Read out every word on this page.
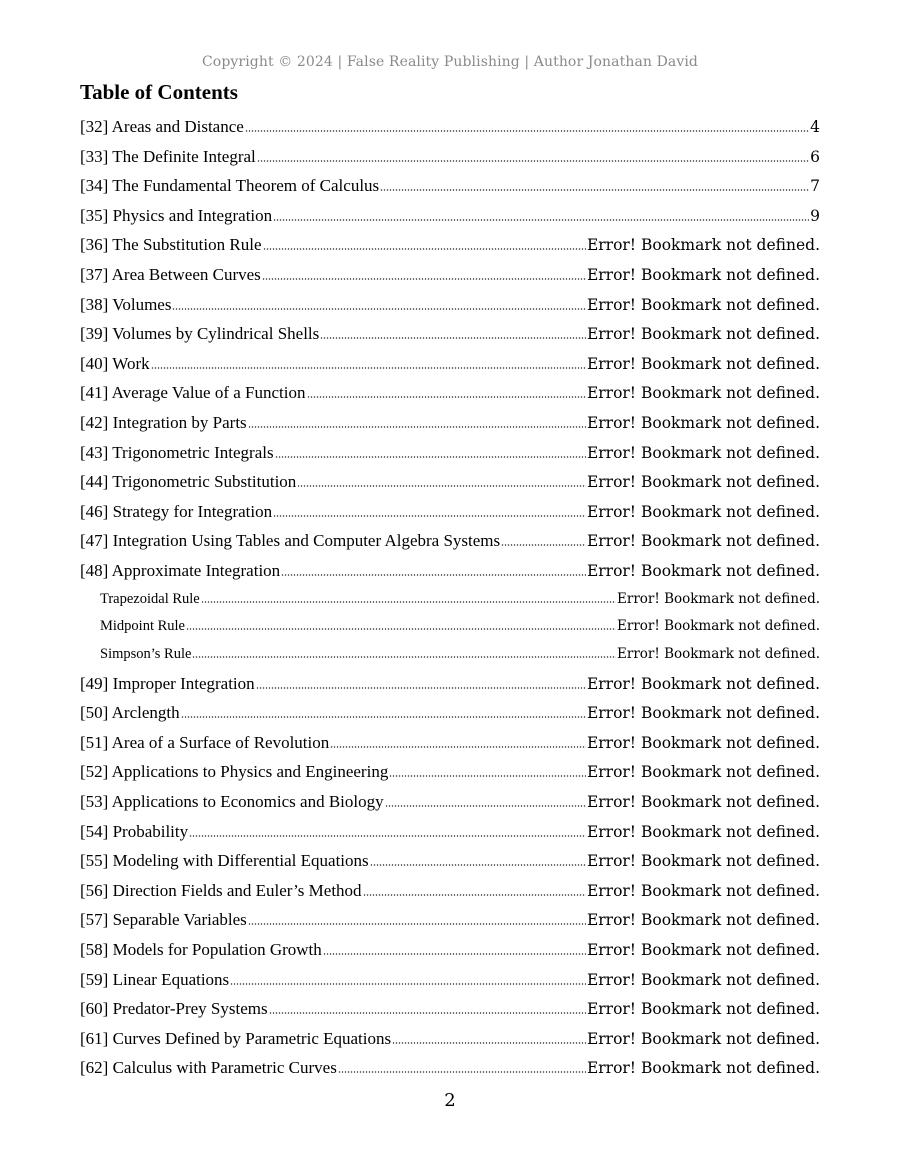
Copyright © 2024 | False Reality Publishing | Author Jonathan David
Table of Contents
[32] Areas and Distance	4
[33] The Definite Integral	6
[34] The Fundamental Theorem of Calculus	7
[35] Physics and Integration	9
[36] The Substitution Rule	Error! Bookmark not defined.
[37] Area Between Curves	Error! Bookmark not defined.
[38] Volumes	Error! Bookmark not defined.
[39] Volumes by Cylindrical Shells	Error! Bookmark not defined.
[40] Work	Error! Bookmark not defined.
[41] Average Value of a Function	Error! Bookmark not defined.
[42] Integration by Parts	Error! Bookmark not defined.
[43] Trigonometric Integrals	Error! Bookmark not defined.
[44] Trigonometric Substitution	Error! Bookmark not defined.
[46] Strategy for Integration	Error! Bookmark not defined.
[47] Integration Using Tables and Computer Algebra Systems	Error! Bookmark not defined.
[48] Approximate Integration	Error! Bookmark not defined.
Trapezoidal Rule	Error! Bookmark not defined.
Midpoint Rule	Error! Bookmark not defined.
Simpson’s Rule	Error! Bookmark not defined.
[49] Improper Integration	Error! Bookmark not defined.
[50] Arclength	Error! Bookmark not defined.
[51] Area of a Surface of Revolution	Error! Bookmark not defined.
[52] Applications to Physics and Engineering	Error! Bookmark not defined.
[53] Applications to Economics and Biology	Error! Bookmark not defined.
[54] Probability	Error! Bookmark not defined.
[55] Modeling with Differential Equations	Error! Bookmark not defined.
[56] Direction Fields and Euler’s Method	Error! Bookmark not defined.
[57] Separable Variables	Error! Bookmark not defined.
[58] Models for Population Growth	Error! Bookmark not defined.
[59] Linear Equations	Error! Bookmark not defined.
[60] Predator-Prey Systems	Error! Bookmark not defined.
[61] Curves Defined by Parametric Equations	Error! Bookmark not defined.
[62] Calculus with Parametric Curves	Error! Bookmark not defined.
2
